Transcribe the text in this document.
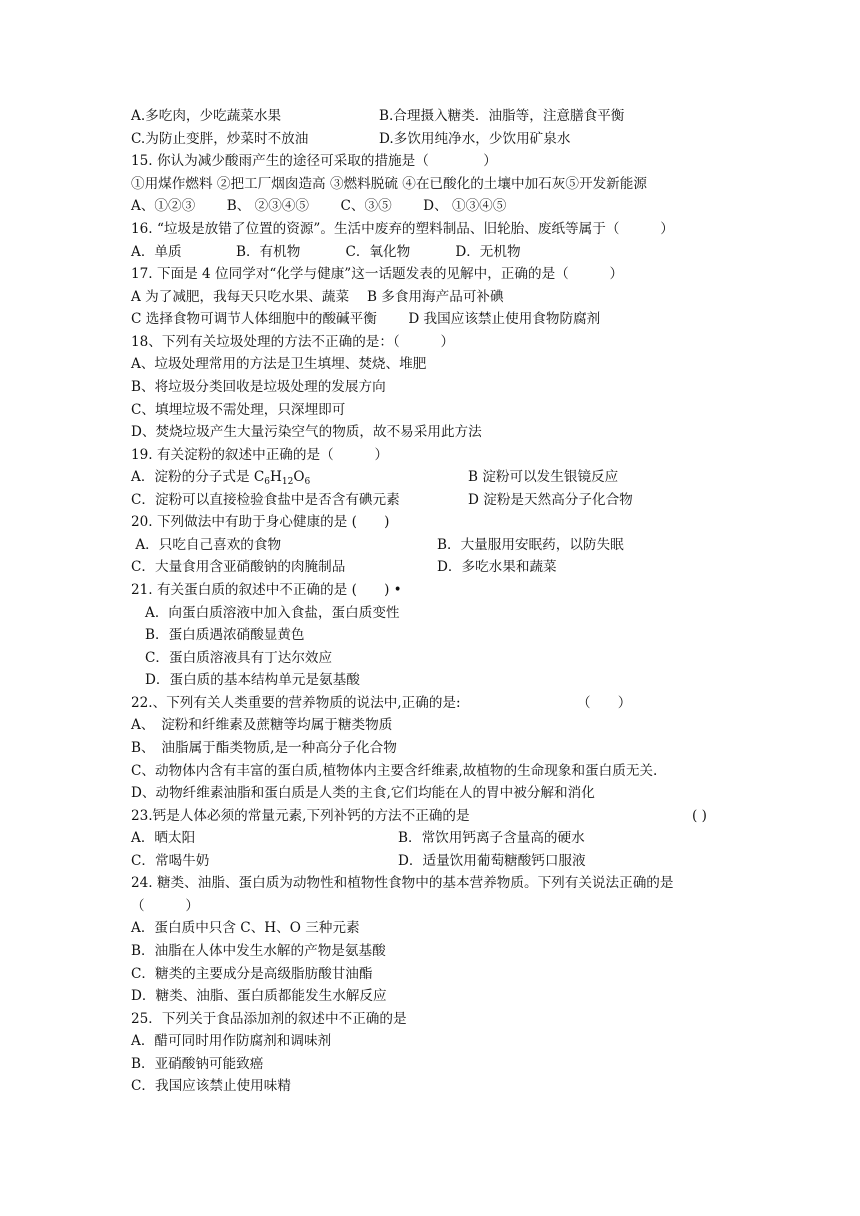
A.多吃肉，少吃蔬菜水果	B.合理摄入糖类．油脂等，注意膳食平衡
C.为防止变胖，炒菜时不放油	D.多饮用纯净水，少饮用矿泉水
15. 你认为减少酸雨产生的途径可采取的措施是（　　　　）
①用煤作燃料 ②把工厂烟囱造高 ③燃料脱硫 ④在已酸化的土壤中加石灰⑤开发新能源
A、①②③　　 B、 ②③④⑤　　 C、③⑤　　 D、 ①③④⑤
16. “垃圾是放错了位置的资源”。生活中废弃的塑料制品、旧轮胎、废纸等属于（　　　）
A．单质　　　　B．有机物　　　 C．氧化物　　　 D．无机物
17. 下面是 4 位同学对“化学与健康”这一话题发表的见解中，正确的是（　　　）
A 为了减肥，我每天只吃水果、蔬菜　 B 多食用海产品可补碘
C 选择食物可调节人体细胞中的酸碱平衡　　 D 我国应该禁止使用食物防腐剂
18、下列有关垃圾处理的方法不正确的是：（　　　）
A、垃圾处理常用的方法是卫生填埋、焚烧、堆肥
B、将垃圾分类回收是垃圾处理的发展方向
C、填埋垃圾不需处理，只深埋即可
D、焚烧垃圾产生大量污染空气的物质，故不易采用此方法
19. 有关淀粉的叙述中正确的是（　　　）
A．淀粉的分子式是 $C_6H_{12}O_6$	B 淀粉可以发生银镜反应
C．淀粉可以直接检验食盐中是否含有碘元素	D 淀粉是天然高分子化合物
20. 下列做法中有助于身心健康的是 (　　)
A．只吃自己喜欢的食物	B．大量服用安眠药，以防失眠
C．大量食用含亚硝酸钠的肉腌制品	D．多吃水果和蔬菜
21. 有关蛋白质的叙述中不正确的是 (　　) •
A．向蛋白质溶液中加入食盐，蛋白质变性
B．蛋白质遇浓硝酸显黄色
C．蛋白质溶液具有丁达尔效应
D．蛋白质的基本结构单元是氨基酸
22.、下列有关人类重要的营养物质的说法中,正确的是:	（　　）
A、　淀粉和纤维素及蔗糖等均属于糖类物质
B、　油脂属于酯类物质,是一种高分子化合物
C、动物体内含有丰富的蛋白质,植物体内主要含纤维素,故植物的生命现象和蛋白质无关.
D、动物纤维素油脂和蛋白质是人类的主食,它们均能在人的胃中被分解和消化
23.钙是人体必须的常量元素,下列补钙的方法不正确的是	( )
A．晒太阳	B．常饮用钙离子含量高的硬水
C．常喝牛奶	D．适量饮用葡萄糖酸钙口服液
24. 糖类、油脂、蛋白质为动物性和植物性食物中的基本营养物质。下列有关说法正确的是
（　　　）
A．蛋白质中只含 C、H、O 三种元素
B．油脂在人体中发生水解的产物是氨基酸
C．糖类的主要成分是高级脂肪酸甘油酯
D．糖类、油脂、蛋白质都能发生水解反应
25．下列关于食品添加剂的叙述中不正确的是
A．醋可同时用作防腐剂和调味剂
B．亚硝酸钠可能致癌
C．我国应该禁止使用味精
